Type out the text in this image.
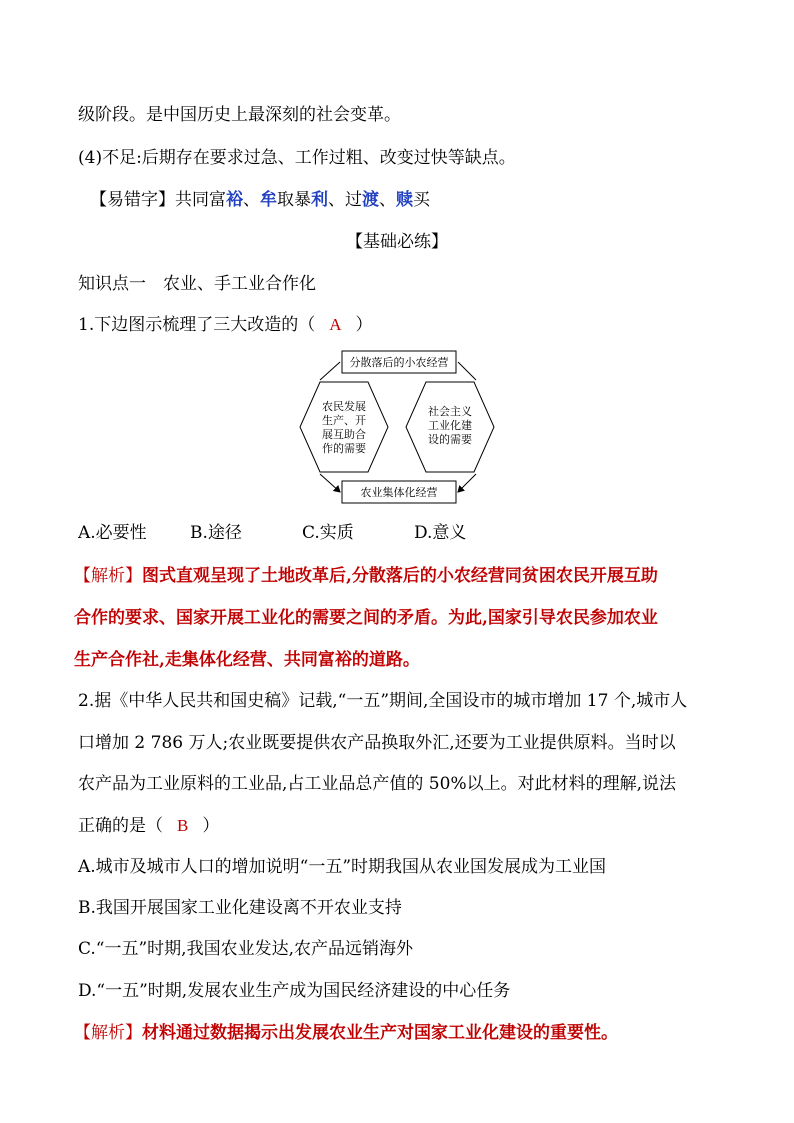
级阶段。是中国历史上最深刻的社会变革。
(4)不足:后期存在要求过急、工作过粗、改变过快等缺点。
【易错字】共同富裕、牟取暴利、过渡、赎买
【基础必练】
知识点一　农业、手工业合作化
1.下边图示梳理了三大改造的（ A ）
分散落后的小农经营
农业集体化经营
农民发展
生产、开
展互助合
作的需要
社会主义
工业化建
设的需要
A.必要性	B.途径	C.实质	D.意义
【解析】图式直观呈现了土地改革后,分散落后的小农经营同贫困农民开展互助
合作的要求、国家开展工业化的需要之间的矛盾。为此,国家引导农民参加农业
生产合作社,走集体化经营、共同富裕的道路。
2.据《中华人民共和国史稿》记载,“一五”期间,全国设市的城市增加 17 个,城市人
口增加 2 786 万人;农业既要提供农产品换取外汇,还要为工业提供原料。当时以
农产品为工业原料的工业品,占工业品总产值的 50%以上。对此材料的理解,说法
正确的是（ B ）
A.城市及城市人口的增加说明“一五”时期我国从农业国发展成为工业国
B.我国开展国家工业化建设离不开农业支持
C.“一五”时期,我国农业发达,农产品远销海外
D.“一五”时期,发展农业生产成为国民经济建设的中心任务
【解析】材料通过数据揭示出发展农业生产对国家工业化建设的重要性。
